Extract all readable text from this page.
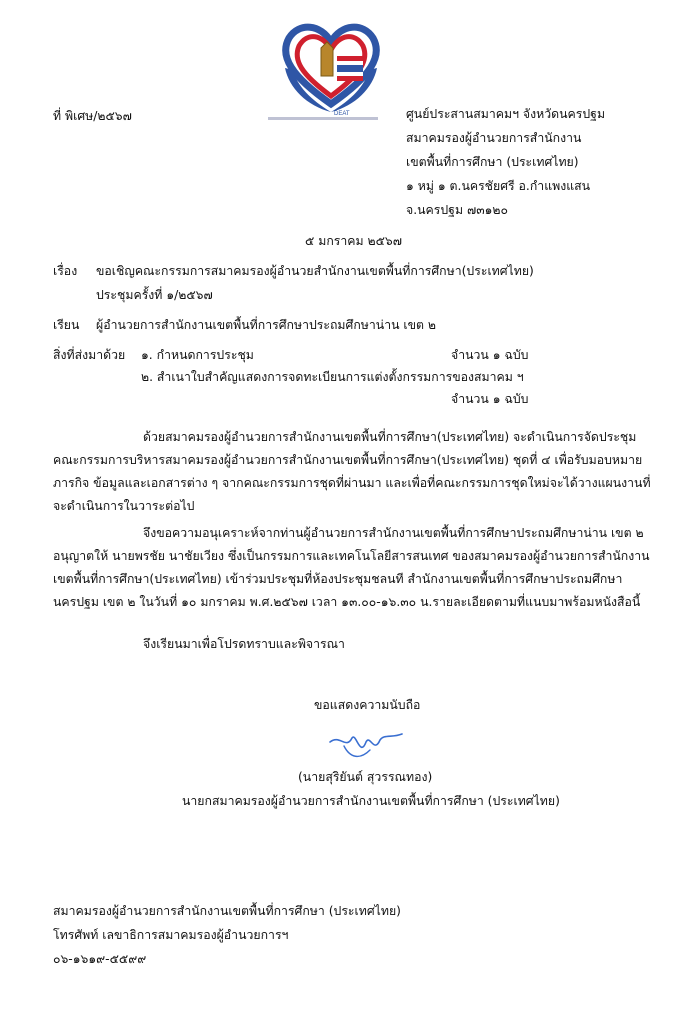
DEAT
ที่ พิเศษ/๒๕๖๗	ศูนย์ประสานสมาคมฯ จังหวัดนครปฐม
สมาคมรองผู้อำนวยการสำนักงาน
เขตพื้นที่การศึกษา (ประเทศไทย)
๑ หมู่ ๑ ต.นครชัยศรี อ.กำแพงแสน
จ.นครปฐม ๗๓๑๒๐
๕ มกราคม ๒๕๖๗
เรื่อง ขอเชิญคณะกรรมการสมาคมรองผู้อำนวยสำนักงานเขตพื้นที่การศึกษา(ประเทศไทย)
ประชุมครั้งที่ ๑/๒๕๖๗
เรียน ผู้อำนวยการสำนักงานเขตพื้นที่การศึกษาประถมศึกษาน่าน เขต ๒
สิ่งที่ส่งมาด้วย ๑. กำหนดการประชุม	จำนวน ๑ ฉบับ
๒. สำเนาใบสำคัญแสดงการจดทะเบียนการแต่งตั้งกรรมการของสมาคม ฯ
จำนวน ๑ ฉบับ
ด้วยสมาคมรองผู้อำนวยการสำนักงานเขตพื้นที่การศึกษา(ประเทศไทย) จะดำเนินการจัดประชุม
คณะกรรมการบริหารสมาคมรองผู้อำนวยการสำนักงานเขตพื้นที่การศึกษา(ประเทศไทย) ชุดที่ ๔ เพื่อรับมอบหมาย
ภารกิจ ข้อมูลและเอกสารต่าง ๆ จากคณะกรรมการชุดที่ผ่านมา และเพื่อที่คณะกรรมการชุดใหม่จะได้วางแผนงานที่
จะดำเนินการในวาระต่อไป
จึงขอความอนุเคราะห์จากท่านผู้อำนวยการสำนักงานเขตพื้นที่การศึกษาประถมศึกษาน่าน เขต ๒
อนุญาตให้ นายพรชัย นาชัยเวียง ซึ่งเป็นกรรมการและเทคโนโลยีสารสนเทศ ของสมาคมรองผู้อำนวยการสำนักงาน
เขตพื้นที่การศึกษา(ประเทศไทย) เข้าร่วมประชุมที่ห้องประชุมชลนที สำนักงานเขตพื้นที่การศึกษาประถมศึกษา
นครปฐม เขต ๒ ในวันที่ ๑๐ มกราคม พ.ศ.๒๕๖๗ เวลา ๑๓.๐๐-๑๖.๓๐ น.รายละเอียดตามที่แนบมาพร้อมหนังสือนี้
จึงเรียนมาเพื่อโปรดทราบและพิจารณา
ขอแสดงความนับถือ
(นายสุริยันต์ สุวรรณทอง)
นายกสมาคมรองผู้อำนวยการสำนักงานเขตพื้นที่การศึกษา (ประเทศไทย)
สมาคมรองผู้อำนวยการสำนักงานเขตพื้นที่การศึกษา (ประเทศไทย)
โทรศัพท์ เลขาธิการสมาคมรองผู้อำนวยการฯ
๐๖-๑๖๑๙-๕๕๙๙
